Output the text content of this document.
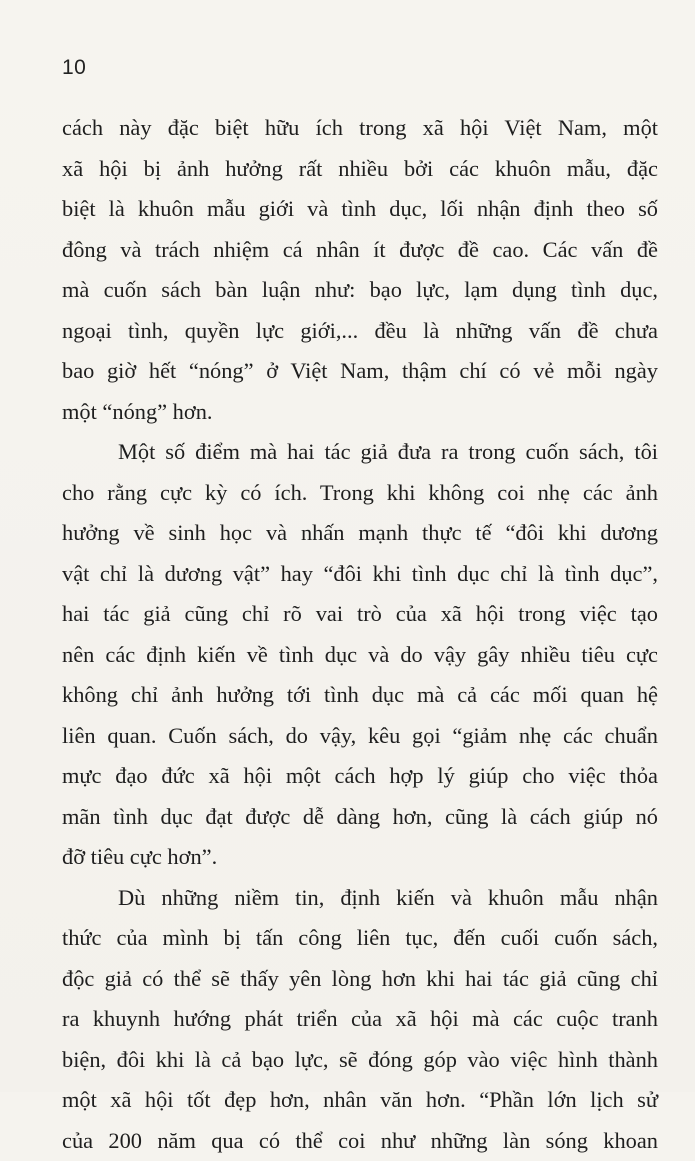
10
cách này đặc biệt hữu ích trong xã hội Việt Nam, một
xã hội bị ảnh hưởng rất nhiều bởi các khuôn mẫu, đặc
biệt là khuôn mẫu giới và tình dục, lối nhận định theo số
đông và trách nhiệm cá nhân ít được đề cao. Các vấn đề
mà cuốn sách bàn luận như: bạo lực, lạm dụng tình dục,
ngoại tình, quyền lực giới,... đều là những vấn đề chưa
bao giờ hết “nóng” ở Việt Nam, thậm chí có vẻ mỗi ngày
một “nóng” hơn.
Một số điểm mà hai tác giả đưa ra trong cuốn sách, tôi
cho rằng cực kỳ có ích. Trong khi không coi nhẹ các ảnh
hưởng về sinh học và nhấn mạnh thực tế “đôi khi dương
vật chỉ là dương vật” hay “đôi khi tình dục chỉ là tình dục”,
hai tác giả cũng chỉ rõ vai trò của xã hội trong việc tạo
nên các định kiến về tình dục và do vậy gây nhiều tiêu cực
không chỉ ảnh hưởng tới tình dục mà cả các mối quan hệ
liên quan. Cuốn sách, do vậy, kêu gọi “giảm nhẹ các chuẩn
mực đạo đức xã hội một cách hợp lý giúp cho việc thỏa
mãn tình dục đạt được dễ dàng hơn, cũng là cách giúp nó
đỡ tiêu cực hơn”.
Dù những niềm tin, định kiến và khuôn mẫu nhận
thức của mình bị tấn công liên tục, đến cuối cuốn sách,
độc giả có thể sẽ thấy yên lòng hơn khi hai tác giả cũng chỉ
ra khuynh hướng phát triển của xã hội mà các cuộc tranh
biện, đôi khi là cả bạo lực, sẽ đóng góp vào việc hình thành
một xã hội tốt đẹp hơn, nhân văn hơn. “Phần lớn lịch sử
của 200 năm qua có thể coi như những làn sóng khoan
